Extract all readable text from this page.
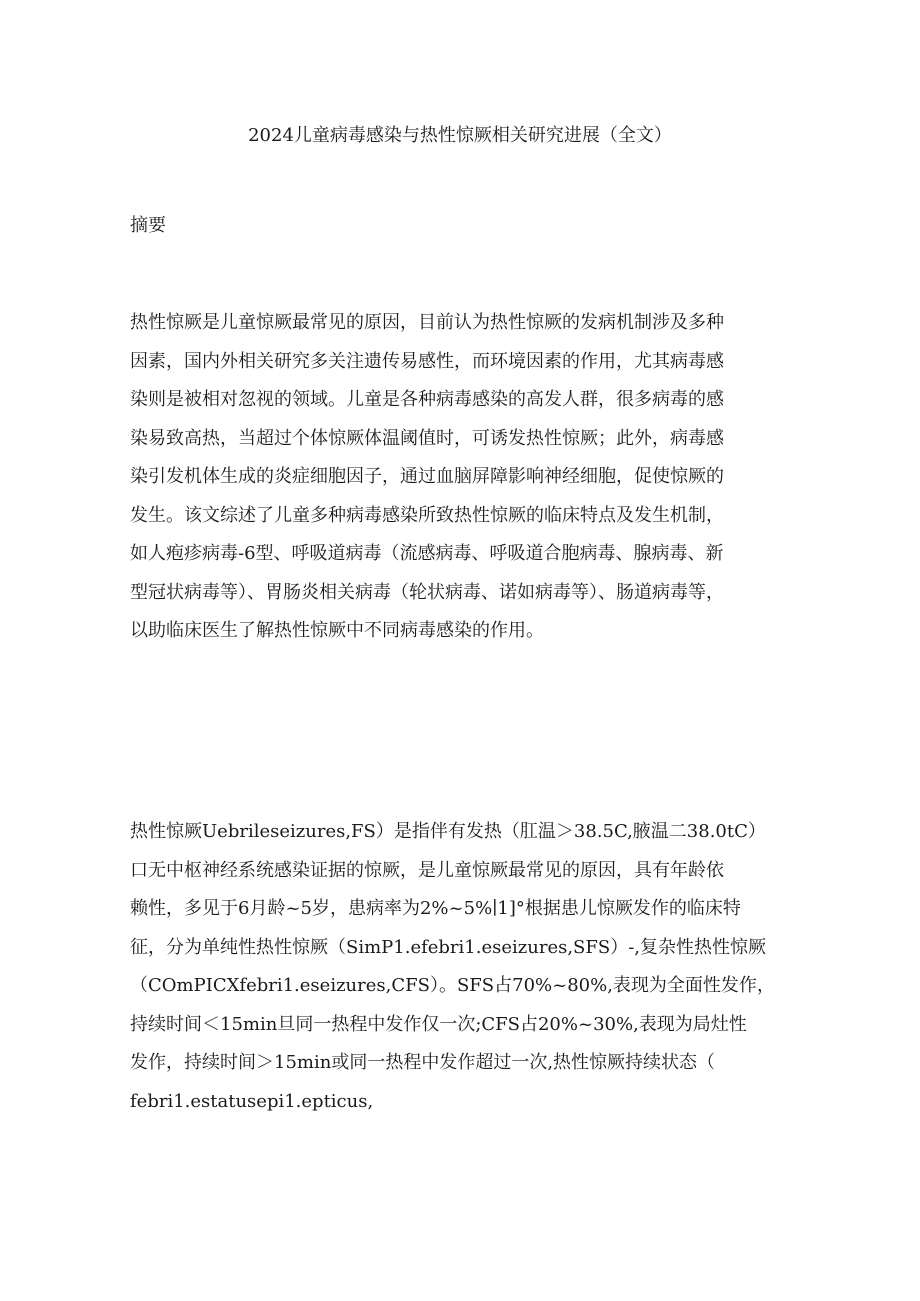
2024儿童病毒感染与热性惊厥相关研究进展（全文）
摘要
热性惊厥是儿童惊厥最常见的原因，目前认为热性惊厥的发病机制涉及多种
因素，国内外相关研究多关注遗传易感性，而环境因素的作用，尤其病毒感
染则是被相对忽视的领域。儿童是各种病毒感染的高发人群，很多病毒的感
染易致高热，当超过个体惊厥体温阈值时，可诱发热性惊厥；此外，病毒感
染引发机体生成的炎症细胞因子，通过血脑屏障影响神经细胞，促使惊厥的
发生。该文综述了儿童多种病毒感染所致热性惊厥的临床特点及发生机制，
如人疱疹病毒-6型、呼吸道病毒（流感病毒、呼吸道合胞病毒、腺病毒、新
型冠状病毒等）、胃肠炎相关病毒（轮状病毒、诺如病毒等）、肠道病毒等，
以助临床医生了解热性惊厥中不同病毒感染的作用。
热性惊厥Uebrileseizures,FS）是指伴有发热（肛温＞38.5C,腋温二38.0tC）
口无中枢神经系统感染证据的惊厥，是儿童惊厥最常见的原因，具有年龄依
赖性，多见于6月龄~5岁，患病率为2%~5%∣1]°根据患儿惊厥发作的临床特
征，分为单纯性热性惊厥（SimP1.efebri1.eseizures,SFS）-,复杂性热性惊厥
（COmPICXfebri1.eseizures,CFS）。SFS占70%~80%,表现为全面性发作，
持续时间＜15min旦同一热程中发作仅一次;CFS占20%~30%,表现为局灶性
发作，持续时间＞15min或同一热程中发作超过一次,热性惊厥持续状态（
febri1.estatusepi1.epticus,
